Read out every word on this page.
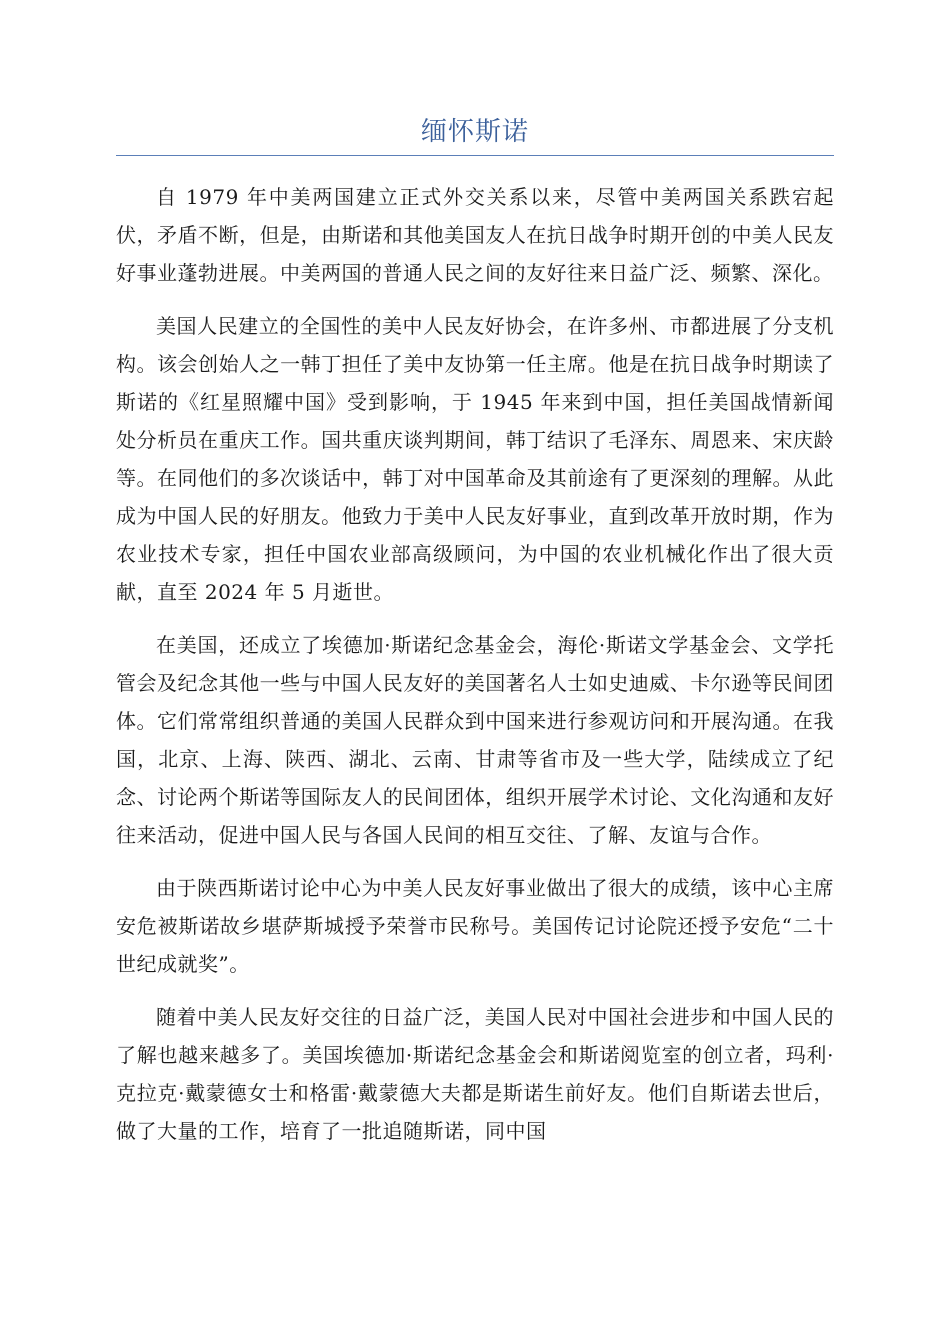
缅怀斯诺

自 1979 年中美两国建立正式外交关系以来，尽管中美两国关系跌宕起伏，矛盾不断，但是，由斯诺和其他美国友人在抗日战争时期开创的中美人民友好事业蓬勃进展。中美两国的普通人民之间的友好往来日益广泛、频繁、深化。

美国人民建立的全国性的美中人民友好协会，在许多州、市都进展了分支机构。该会创始人之一韩丁担任了美中友协第一任主席。他是在抗日战争时期读了斯诺的《红星照耀中国》受到影响，于 1945 年来到中国，担任美国战情新闻处分析员在重庆工作。国共重庆谈判期间，韩丁结识了毛泽东、周恩来、宋庆龄等。在同他们的多次谈话中，韩丁对中国革命及其前途有了更深刻的理解。从此成为中国人民的好朋友。他致力于美中人民友好事业，直到改革开放时期，作为农业技术专家，担任中国农业部高级顾问，为中国的农业机械化作出了很大贡献，直至 2024 年 5 月逝世。

在美国，还成立了埃德加·斯诺纪念基金会，海伦·斯诺文学基金会、文学托管会及纪念其他一些与中国人民友好的美国著名人士如史迪威、卡尔逊等民间团体。它们常常组织普通的美国人民群众到中国来进行参观访问和开展沟通。在我国，北京、上海、陕西、湖北、云南、甘肃等省市及一些大学，陆续成立了纪念、讨论两个斯诺等国际友人的民间团体，组织开展学术讨论、文化沟通和友好往来活动，促进中国人民与各国人民间的相互交往、了解、友谊与合作。

由于陕西斯诺讨论中心为中美人民友好事业做出了很大的成绩，该中心主席安危被斯诺故乡堪萨斯城授予荣誉市民称号。美国传记讨论院还授予安危“二十世纪成就奖”。

随着中美人民友好交往的日益广泛，美国人民对中国社会进步和中国人民的了解也越来越多了。美国埃德加·斯诺纪念基金会和斯诺阅览室的创立者，玛利·克拉克·戴蒙德女士和格雷·戴蒙德大夫都是斯诺生前好友。他们自斯诺去世后，做了大量的工作，培育了一批追随斯诺，同中国
